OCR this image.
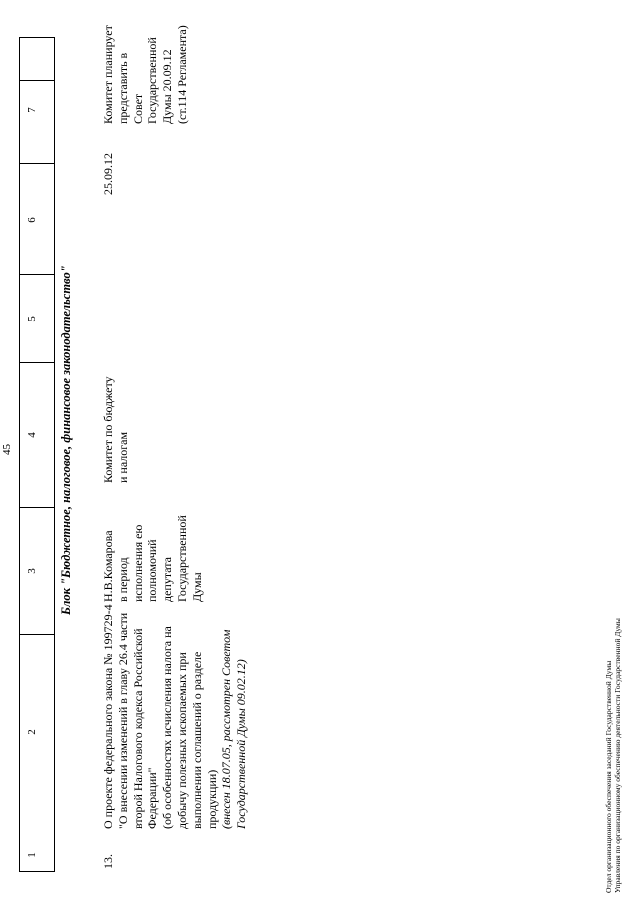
45
1
2
3
4
5
6
7
Блок "Бюджетное, налоговое, финансовое законодательство"
13.
О проекте федерального закона № 199729-4 "О внесении изменений в главу 26.4 части второй Налогового кодекса Российской Федерации" (об особенностях исчисления налога на добычу полезных ископаемых при выполнении соглашений о разделе продукции) (внесен 18.07.05, рассмотрен Советом Государственной Думы 09.02.12)
Н.В.Комарова в период исполнения ею полномочий депутата Государственной Думы
Комитет по бюджету и налогам
25.09.12
Комитет планирует представить в Совет Государственной Думы 20.09.12 (ст.114 Регламента)
Отдел организационного обеспечения заседаний Государственной Думы Управления по организационному обеспечению деятельности Государственной Думы
